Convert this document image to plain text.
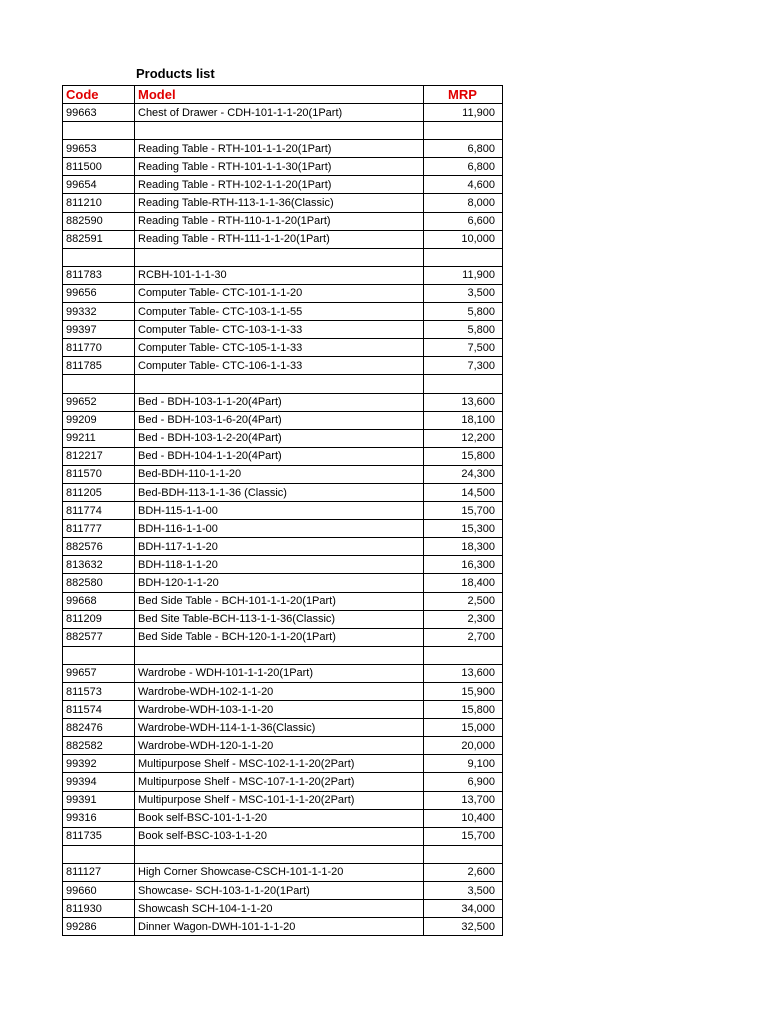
Products list
Code	Model	MRP
99663	Chest of Drawer - CDH-101-1-1-20(1Part)	11,900

99653	Reading Table - RTH-101-1-1-20(1Part)	6,800
811500	Reading Table - RTH-101-1-1-30(1Part)	6,800
99654	Reading Table - RTH-102-1-1-20(1Part)	4,600
811210	Reading Table-RTH-113-1-1-36(Classic)	8,000
882590	Reading Table - RTH-110-1-1-20(1Part)	6,600
882591	Reading Table - RTH-111-1-1-20(1Part)	10,000

811783	RCBH-101-1-1-30	11,900
99656	Computer Table- CTC-101-1-1-20	3,500
99332	Computer Table- CTC-103-1-1-55	5,800
99397	Computer Table- CTC-103-1-1-33	5,800
811770	Computer Table- CTC-105-1-1-33	7,500
811785	Computer Table- CTC-106-1-1-33	7,300

99652	Bed - BDH-103-1-1-20(4Part)	13,600
99209	Bed - BDH-103-1-6-20(4Part)	18,100
99211	Bed - BDH-103-1-2-20(4Part)	12,200
812217	Bed - BDH-104-1-1-20(4Part)	15,800
811570	Bed-BDH-110-1-1-20	24,300
811205	Bed-BDH-113-1-1-36 (Classic)	14,500
811774	BDH-115-1-1-00	15,700
811777	BDH-116-1-1-00	15,300
882576	BDH-117-1-1-20	18,300
813632	BDH-118-1-1-20	16,300
882580	BDH-120-1-1-20	18,400
99668	Bed Side Table - BCH-101-1-1-20(1Part)	2,500
811209	Bed Site Table-BCH-113-1-1-36(Classic)	2,300
882577	Bed Side Table - BCH-120-1-1-20(1Part)	2,700

99657	Wardrobe - WDH-101-1-1-20(1Part)	13,600
811573	Wardrobe-WDH-102-1-1-20	15,900
811574	Wardrobe-WDH-103-1-1-20	15,800
882476	Wardrobe-WDH-114-1-1-36(Classic)	15,000
882582	Wardrobe-WDH-120-1-1-20	20,000
99392	Multipurpose Shelf - MSC-102-1-1-20(2Part)	9,100
99394	Multipurpose Shelf - MSC-107-1-1-20(2Part)	6,900
99391	Multipurpose Shelf - MSC-101-1-1-20(2Part)	13,700
99316	Book self-BSC-101-1-1-20	10,400
811735	Book self-BSC-103-1-1-20	15,700

811127	High Corner Showcase-CSCH-101-1-1-20	2,600
99660	Showcase- SCH-103-1-1-20(1Part)	3,500
811930	Showcash SCH-104-1-1-20	34,000
99286	Dinner Wagon-DWH-101-1-1-20	32,500
